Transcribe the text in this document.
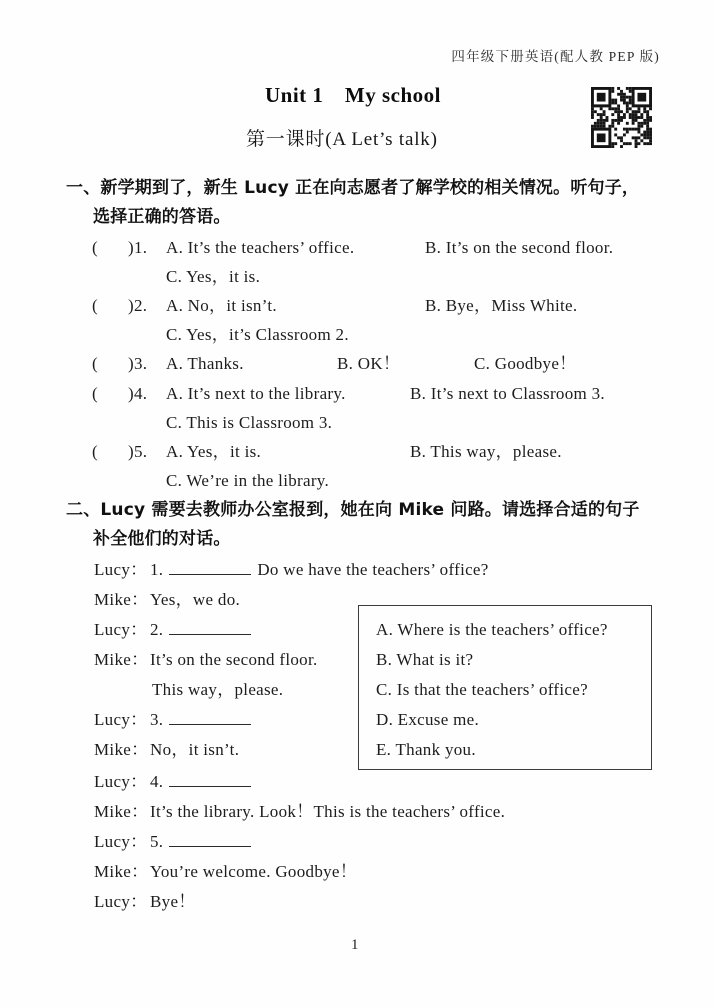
四年级下册英语(配人教 PEP 版)
Unit 1　My school
第一课时(A Let’s talk)
一、新学期到了，新生 Lucy 正在向志愿者了解学校的相关情况。听句子，
选择正确的答语。

(

)1.

A. It’s the teachers’ office.

	B. It’s on the second floor.

C. Yes，it is.

(

)2.

A. No，it isn’t.

	B. Bye，Miss White.

C. Yes，it’s Classroom 2.

(

)3.

A. Thanks.

	B. OK！

	C. Goodbye！

(

)4.

A. It’s next to the library.

	B. It’s next to Classroom 3.

C. This is Classroom 3.

(

)5.

A. Yes，it is.

	B. This way，please.

C. We’re in the library.

二、Lucy 需要去教师办公室报到，她在向 Mike 问路。请选择合适的句子
补全他们的对话。

Lucy：

1.	Do we have the teachers’ office?

Mike：

Yes，we do.

Lucy：

2.

Mike：

It’s on the second floor.

This way，please.

Lucy：

3.

Mike：

No，it isn’t.

Lucy：

4.

Mike：

It’s the library. Look！This is the teachers’ office.

Lucy：

5.

Mike：

You’re welcome. Goodbye！

Lucy：

Bye！

A. Where is the teachers’ office?

B. What is it?

C. Is that the teachers’ office?

D. Excuse me.

E. Thank you.

1
